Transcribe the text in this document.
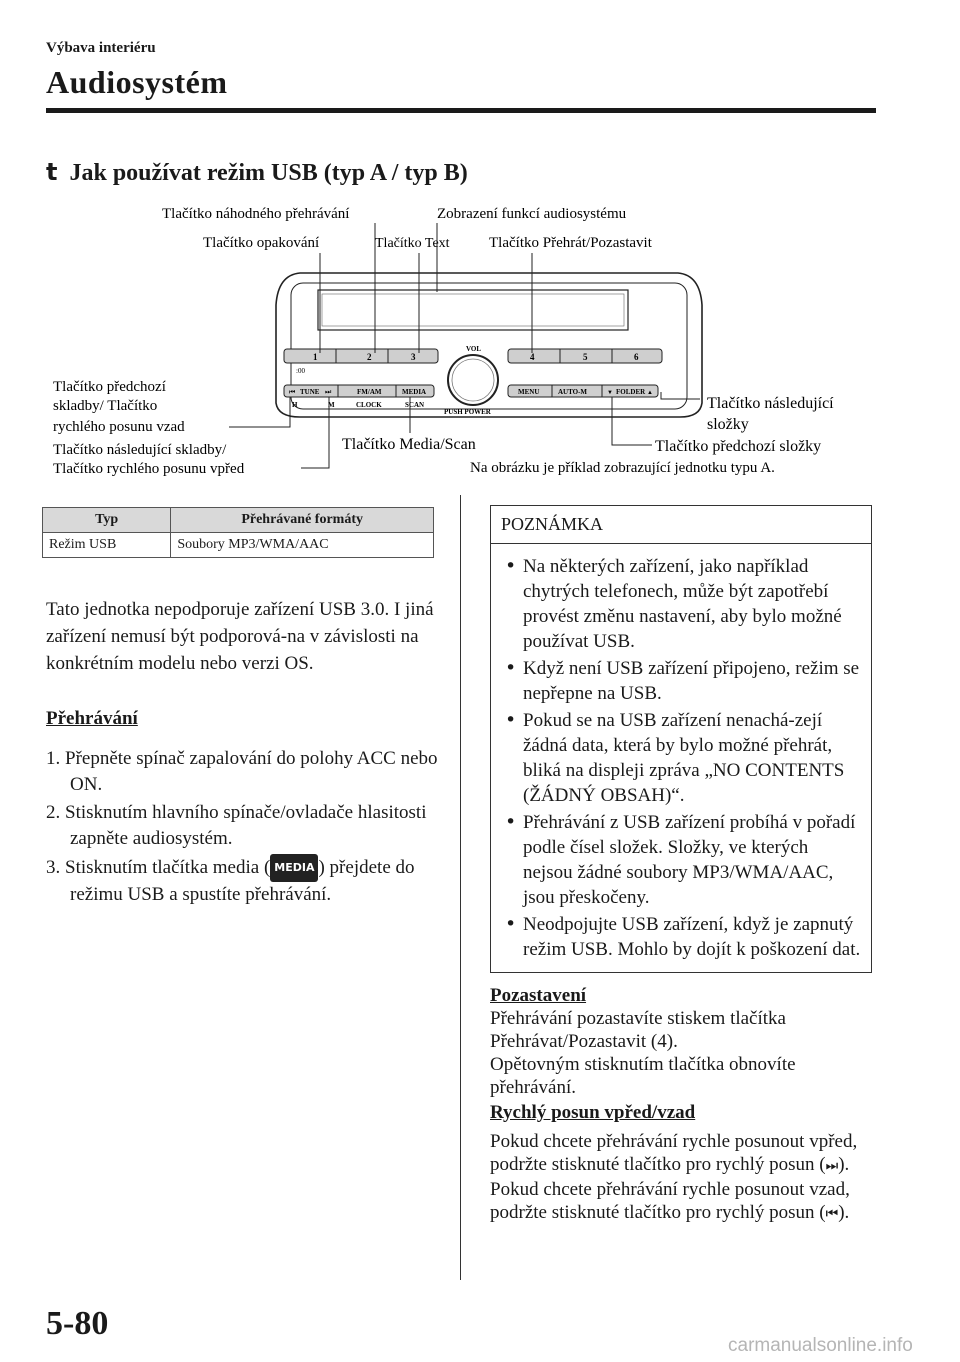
Výbava interiéru
Audiosystém
t Jak používat režim USB (typ A / typ B)
Tlačítko náhodného přehrávání	Zobrazení funkcí audiosystému
Tlačítko opakování	Tlačítko Text	Tlačítko Přehrát/Pozastavit
1	2	3	4	5	6
:00
VOL
PUSH POWER
⏮ TUNE ⏭	FM/AM	MEDIA
H	M	CLOCK	SCAN
MENU	AUTO-M	▼ FOLDER ▲
Tlačítko předchozí
skladby/ Tlačítko
rychlého posunu vzad
Tlačítko následující skladby/
Tlačítko rychlého posunu vpřed
Tlačítko Media/Scan
Tlačítko následující
složky
Tlačítko předchozí složky
Na obrázku je příklad zobrazující jednotku typu A.
Typ	Přehrávané formáty
Režim USB	Soubory MP3/WMA/AAC
Tato jednotka nepodporuje zařízení USB 3.0. I jiná zařízení nemusí být podporová-na v závislosti na konkrétním modelu nebo verzi OS.
Přehrávání
1. Přepněte spínač zapalování do polohy ACC nebo ON.
2. Stisknutím hlavního spínače/ovladače hlasitosti zapněte audiosystém.
3. Stisknutím tlačítka media ( MEDIA ) přejdete do režimu USB a spustíte přehrávání.
POZNÁMKA
• Na některých zařízení, jako například chytrých telefonech, může být zapotřebí provést změnu nastavení, aby bylo možné používat USB.
• Když není USB zařízení připojeno, režim se nepřepne na USB.
• Pokud se na USB zařízení nenachá-zejí žádná data, která by bylo možné přehrát, bliká na displeji zpráva „NO CONTENTS (ŽÁDNÝ OBSAH)“.
• Přehrávání z USB zařízení probíhá v pořadí podle čísel složek. Složky, ve kterých nejsou žádné soubory MP3/WMA/AAC, jsou přeskočeny.
• Neodpojujte USB zařízení, když je zapnutý režim USB. Mohlo by dojít k poškození dat.
Pozastavení

Přehrávání pozastavíte stiskem tlačítka Přehrávat/Pozastavit (4).

Opětovným stisknutím tlačítka obnovíte přehrávání.

Rychlý posun vpřed/vzad

Pokud chcete přehrávání rychle posunout vpřed, podržte stisknuté tlačítko pro rychlý posun (⏭).

Pokud chcete přehrávání rychle posunout vzad, podržte stisknuté tlačítko pro rychlý posun (⏮).

5-80
carmanualsonline.info
